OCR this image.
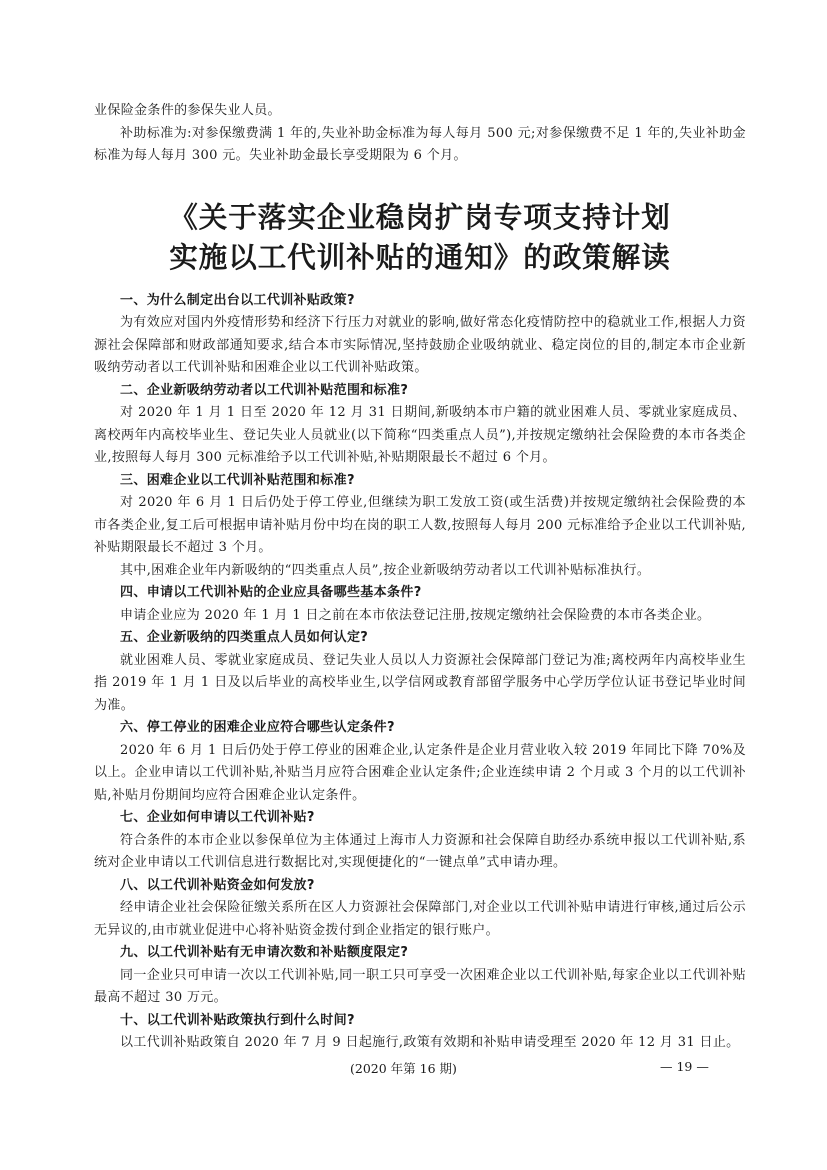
业保险金条件的参保失业人员。

补助标准为:对参保缴费满 1 年的,失业补助金标准为每人每月 500 元;对参保缴费不足 1 年的,失业补助金标准为每人每月 300 元。失业补助金最长享受期限为 6 个月。

《关于落实企业稳岗扩岗专项支持计划
实施以工代训补贴的通知》的政策解读

一、为什么制定出台以工代训补贴政策?

为有效应对国内外疫情形势和经济下行压力对就业的影响,做好常态化疫情防控中的稳就业工作,根据人力资源社会保障部和财政部通知要求,结合本市实际情况,坚持鼓励企业吸纳就业、稳定岗位的目的,制定本市企业新吸纳劳动者以工代训补贴和困难企业以工代训补贴政策。

二、企业新吸纳劳动者以工代训补贴范围和标准?

对 2020 年 1 月 1 日至 2020 年 12 月 31 日期间,新吸纳本市户籍的就业困难人员、零就业家庭成员、离校两年内高校毕业生、登记失业人员就业(以下简称“四类重点人员”),并按规定缴纳社会保险费的本市各类企业,按照每人每月 300 元标准给予以工代训补贴,补贴期限最长不超过 6 个月。

三、困难企业以工代训补贴范围和标准?

对 2020 年 6 月 1 日后仍处于停工停业,但继续为职工发放工资(或生活费)并按规定缴纳社会保险费的本市各类企业,复工后可根据申请补贴月份中均在岗的职工人数,按照每人每月 200 元标准给予企业以工代训补贴,补贴期限最长不超过 3 个月。

其中,困难企业年内新吸纳的“四类重点人员”,按企业新吸纳劳动者以工代训补贴标准执行。

四、申请以工代训补贴的企业应具备哪些基本条件?

申请企业应为 2020 年 1 月 1 日之前在本市依法登记注册,按规定缴纳社会保险费的本市各类企业。

五、企业新吸纳的四类重点人员如何认定?

就业困难人员、零就业家庭成员、登记失业人员以人力资源社会保障部门登记为准;离校两年内高校毕业生指 2019 年 1 月 1 日及以后毕业的高校毕业生,以学信网或教育部留学服务中心学历学位认证书登记毕业时间为准。

六、停工停业的困难企业应符合哪些认定条件?

2020 年 6 月 1 日后仍处于停工停业的困难企业,认定条件是企业月营业收入较 2019 年同比下降 70%及以上。企业申请以工代训补贴,补贴当月应符合困难企业认定条件;企业连续申请 2 个月或 3 个月的以工代训补贴,补贴月份期间均应符合困难企业认定条件。

七、企业如何申请以工代训补贴?

符合条件的本市企业以参保单位为主体通过上海市人力资源和社会保障自助经办系统申报以工代训补贴,系统对企业申请以工代训信息进行数据比对,实现便捷化的“一键点单”式申请办理。

八、以工代训补贴资金如何发放?

经申请企业社会保险征缴关系所在区人力资源社会保障部门,对企业以工代训补贴申请进行审核,通过后公示无异议的,由市就业促进中心将补贴资金拨付到企业指定的银行账户。

九、以工代训补贴有无申请次数和补贴额度限定?

同一企业只可申请一次以工代训补贴,同一职工只可享受一次困难企业以工代训补贴,每家企业以工代训补贴最高不超过 30 万元。

十、以工代训补贴政策执行到什么时间?

以工代训补贴政策自 2020 年 7 月 9 日起施行,政策有效期和补贴申请受理至 2020 年 12 月 31 日止。

(2020 年第 16 期)	— 19 —
